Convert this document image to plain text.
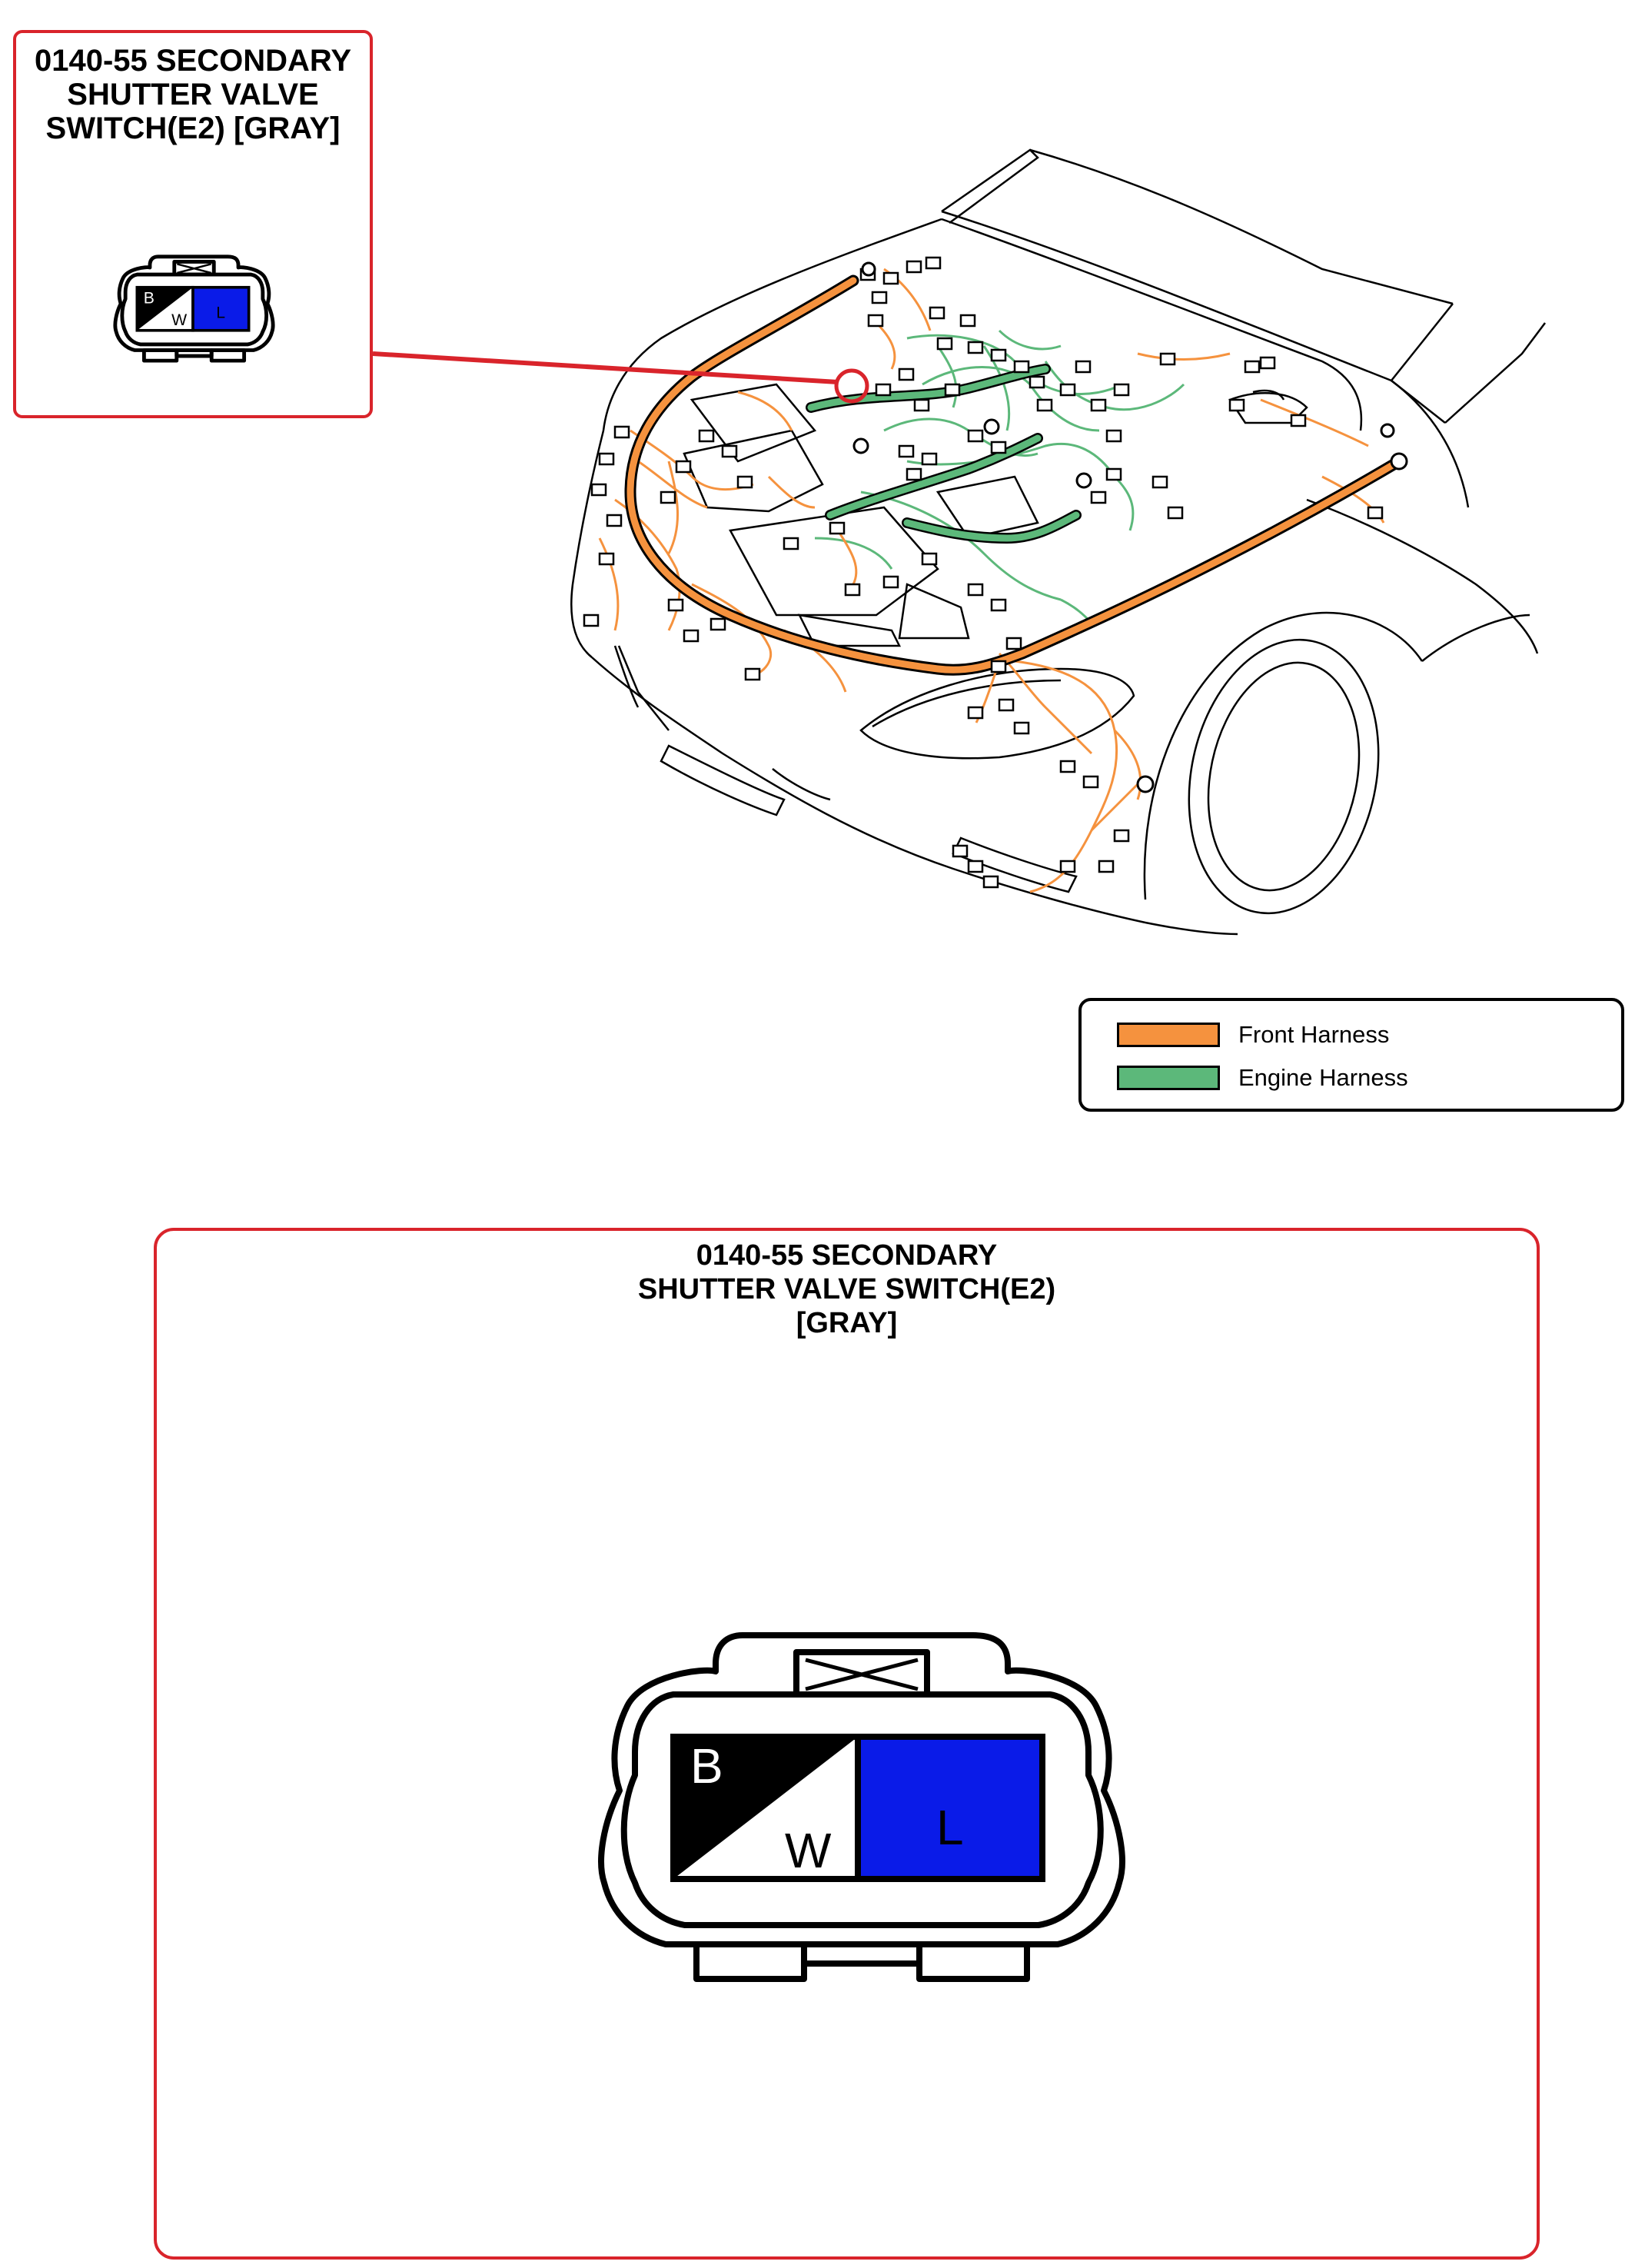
0140-55 SECONDARY
SHUTTER VALVE
SWITCH(E2) [GRAY]
B
W L
Front Harness
Engine Harness
0140-55 SECONDARY
SHUTTER VALVE SWITCH(E2)
[GRAY]
B
W L
